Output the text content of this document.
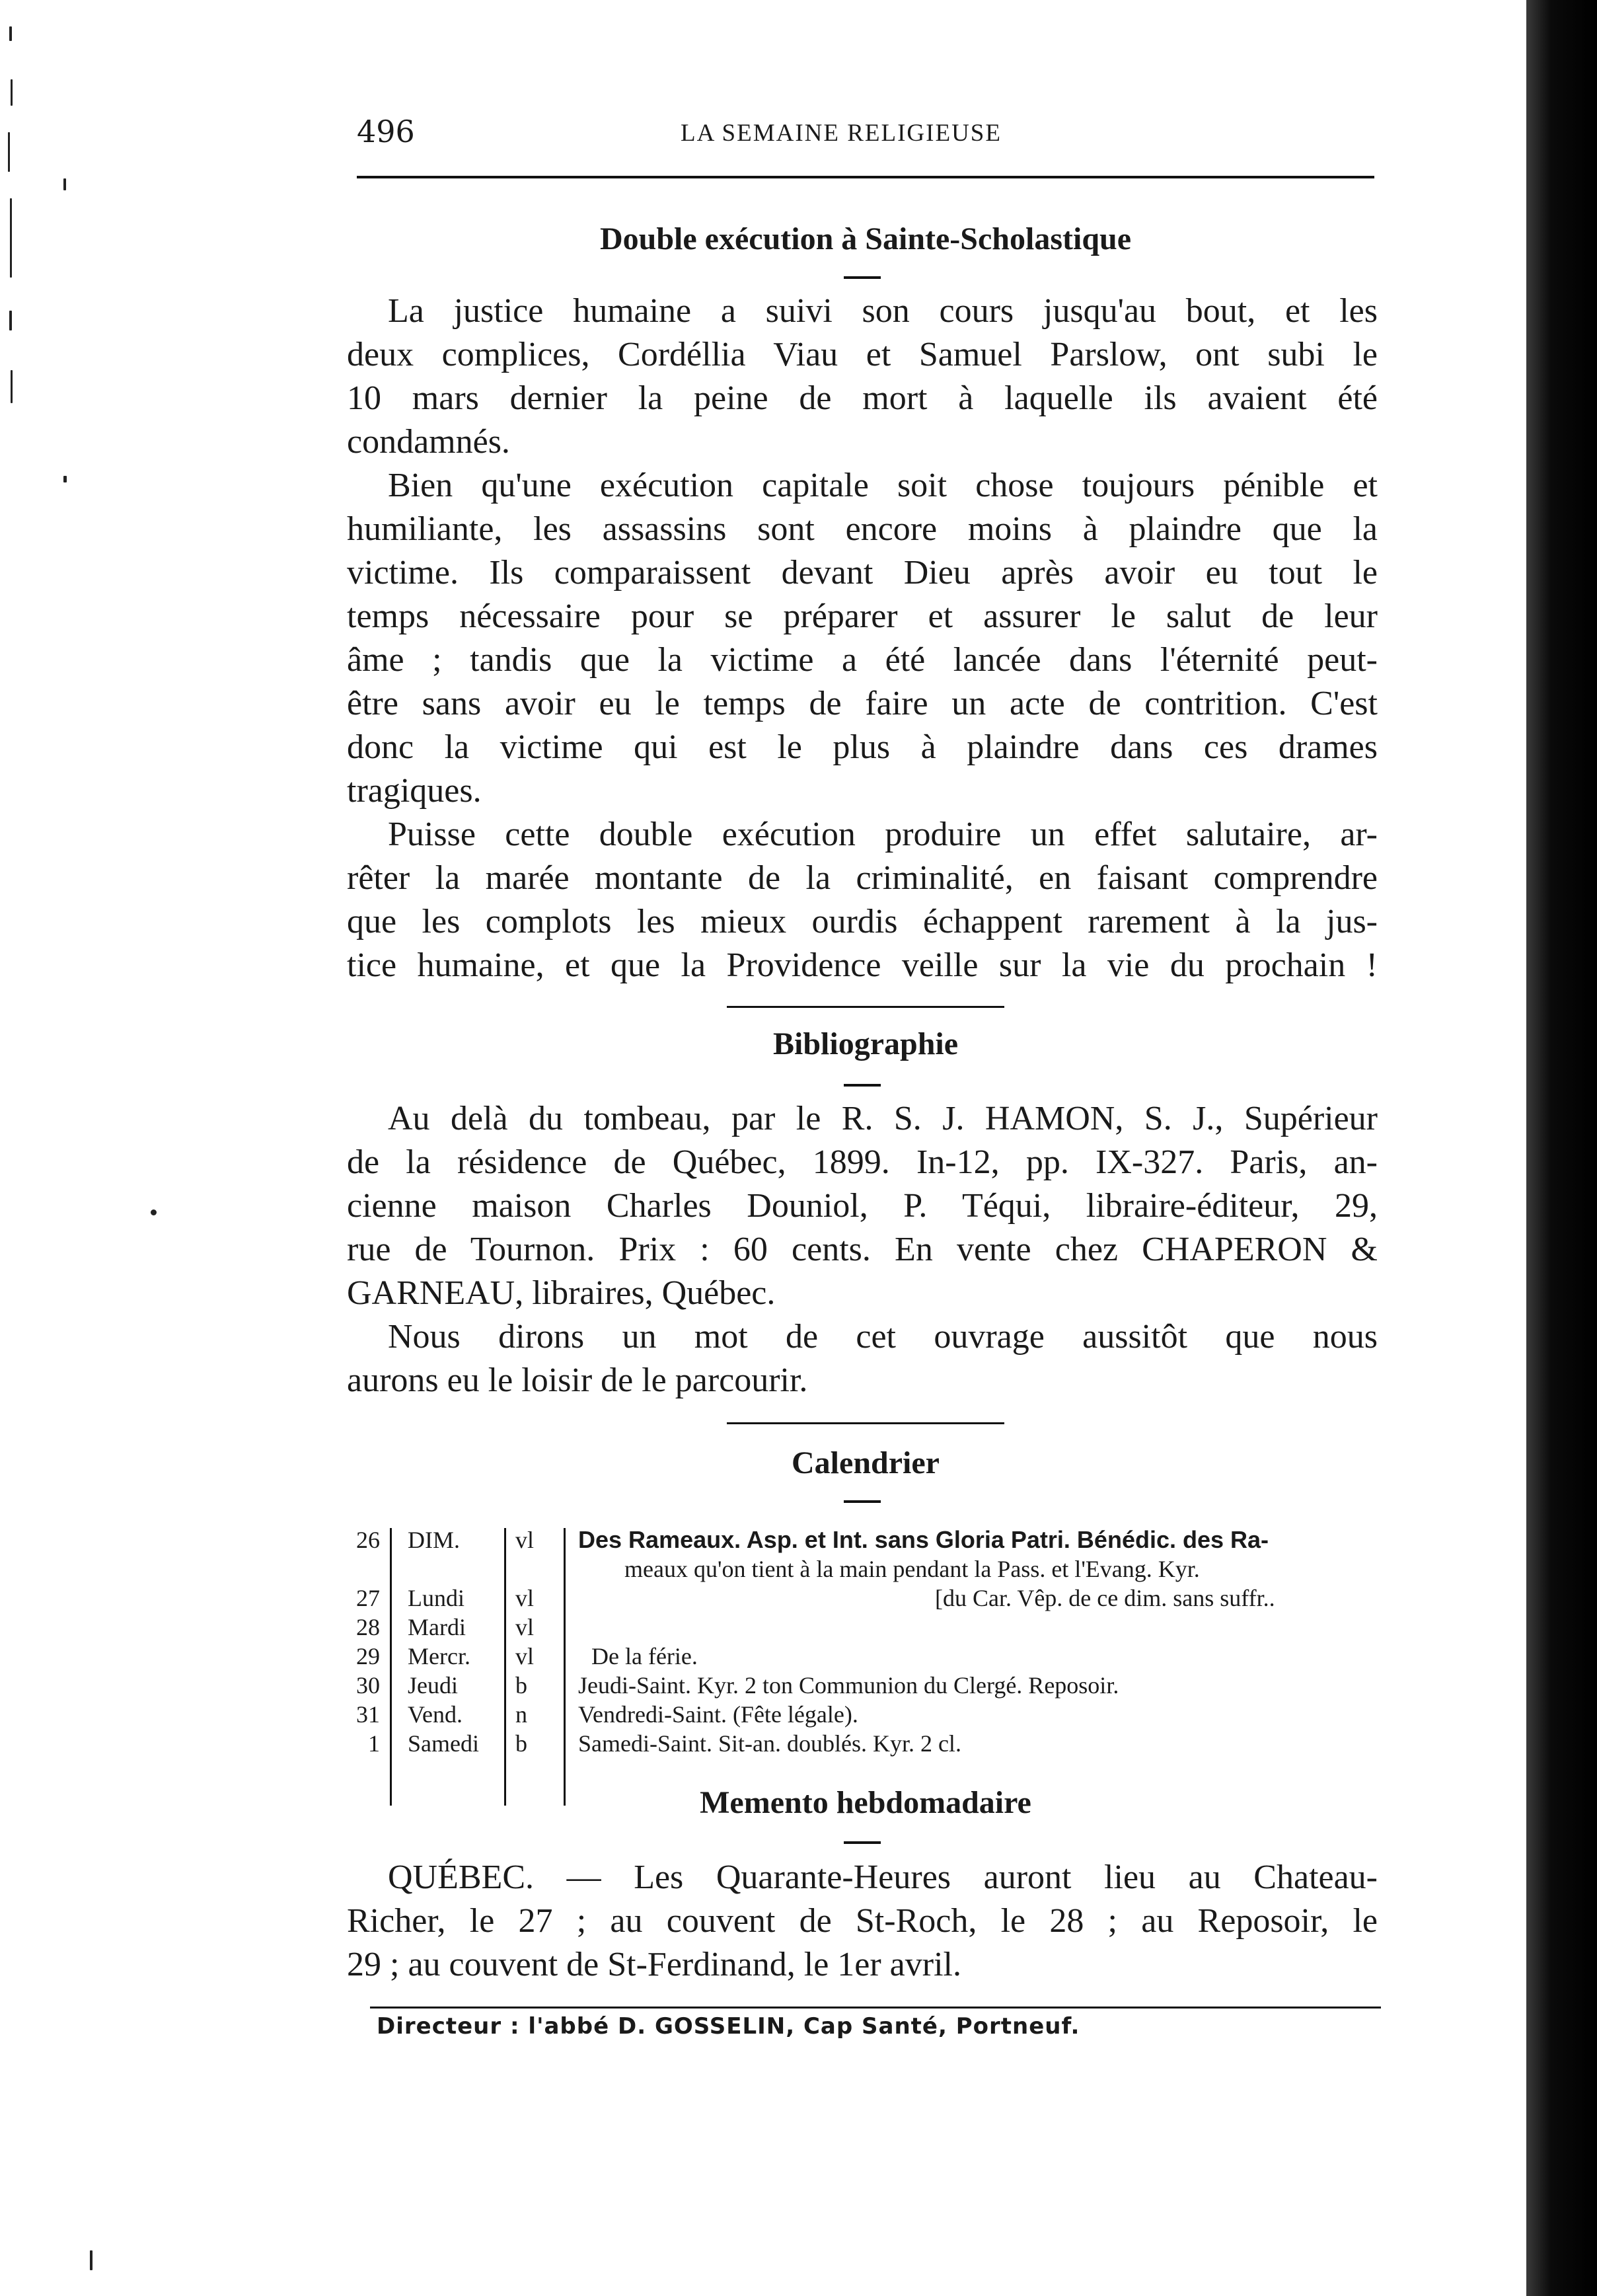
496	LA SEMAINE RELIGIEUSE
Double exécution à Sainte-Scholastique
La justice humaine a suivi son cours jusqu'au bout, et les
deux complices, Cordéllia Viau et Samuel Parslow, ont subi le
10 mars dernier la peine de mort à laquelle ils avaient été
condamnés.
Bien qu'une exécution capitale soit chose toujours pénible et
humiliante, les assassins sont encore moins à plaindre que la
victime. Ils comparaissent devant Dieu après avoir eu tout le
temps nécessaire pour se préparer et assurer le salut de leur
âme ; tandis que la victime a été lancée dans l'éternité peut-
être sans avoir eu le temps de faire un acte de contrition. C'est
donc la victime qui est le plus à plaindre dans ces drames
tragiques.
Puisse cette double exécution produire un effet salutaire, ar-
rêter la marée montante de la criminalité, en faisant comprendre
que les complots les mieux ourdis échappent rarement à la jus-
tice humaine, et que la Providence veille sur la vie du prochain !
Bibliographie
Au delà du tombeau, par le R. S. J. HAMON, S. J., Supérieur
de la résidence de Québec, 1899. In-12, pp. IX-327. Paris, an-
cienne maison Charles Douniol, P. Téqui, libraire-éditeur, 29,
rue de Tournon. Prix : 60 cents. En vente chez CHAPERON &
GARNEAU, libraires, Québec.
Nous dirons un mot de cet ouvrage aussitôt que nous
aurons eu le loisir de le parcourir.
Calendrier
26 DIM.	vl	Des Rameaux. Asp. et Int. sans Gloria Patri. Bénédic. des Ra-
meaux qu'on tient à la main pendant la Pass. et l'Evang. Kyr.
27 Lundi	vl	[du Car. Vêp. de ce dim. sans suffr..
28 Mardi	vl
29 Mercr.	vl	De la férie.
30 Jeudi	b	Jeudi-Saint. Kyr. 2 ton Communion du Clergé. Reposoir.
31 Vend.	n	Vendredi-Saint. (Fête légale).
1 Samedi	b	Samedi-Saint. Sit-an. doublés. Kyr. 2 cl.
Memento hebdomadaire
QUÉBEC. — Les Quarante-Heures auront lieu au Chateau-
Richer, le 27 ; au couvent de St-Roch, le 28 ; au Reposoir, le
29 ; au couvent de St-Ferdinand, le 1er avril.
Directeur : l'abbé D. GOSSELIN, Cap Santé, Portneuf.
